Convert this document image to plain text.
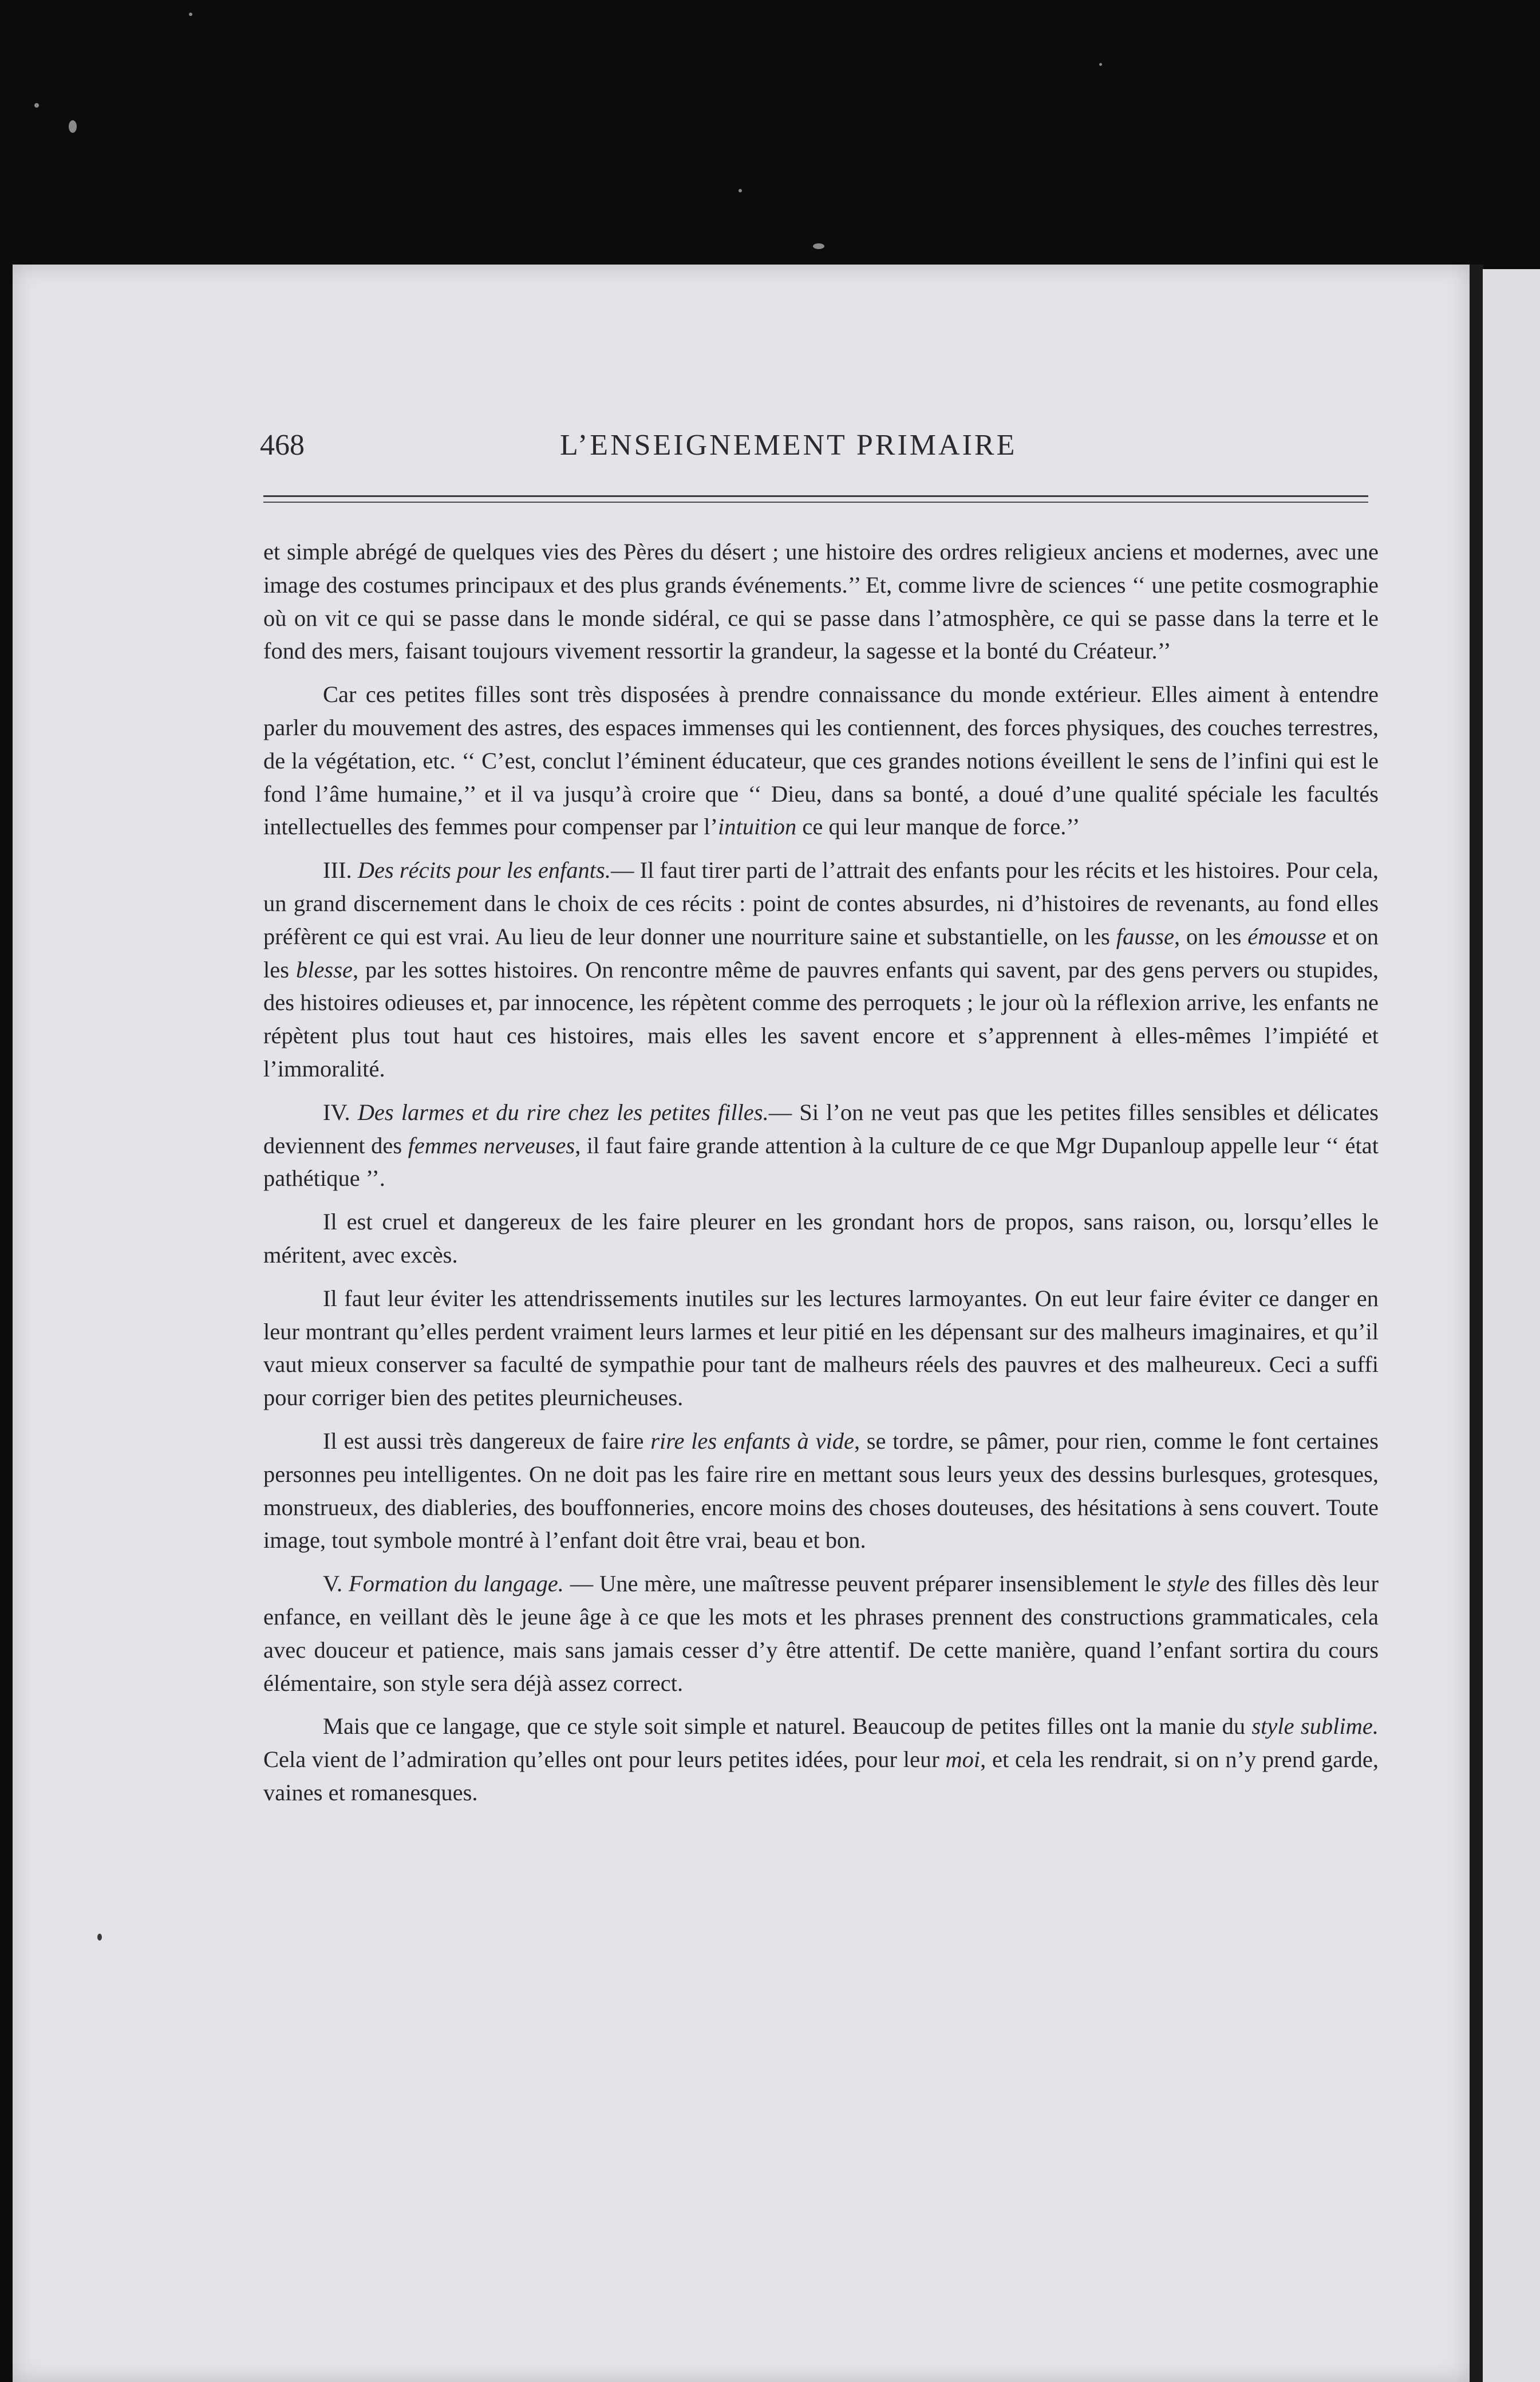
468	L’ENSEIGNEMENT PRIMAIRE

et simple abrégé de quelques vies des Pères du désert ; une histoire des ordres religieux anciens et modernes, avec une image des costumes principaux et des plus grands événements.’’ Et, comme livre de sciences ‘‘ une petite cosmographie où on vit ce qui se passe dans le monde sidéral, ce qui se passe dans l’atmosphère, ce qui se passe dans la terre et le fond des mers, faisant toujours vivement ressortir la grandeur, la sagesse et la bonté du Créateur.’’

Car ces petites filles sont très disposées à prendre connaissance du monde extérieur. Elles aiment à entendre parler du mouvement des astres, des espaces immenses qui les contiennent, des forces physiques, des couches terrestres, de la végétation, etc. ‘‘ C’est, conclut l’éminent éducateur, que ces grandes notions éveillent le sens de l’infini qui est le fond l’âme humaine,’’ et il va jusqu’à croire que ‘‘ Dieu, dans sa bonté, a doué d’une qualité spéciale les facultés intellectuelles des femmes pour compenser par l’intuition ce qui leur manque de force.’’

III. Des récits pour les enfants.— Il faut tirer parti de l’attrait des enfants pour les récits et les histoires. Pour cela, un grand discernement dans le choix de ces récits : point de contes absurdes, ni d’histoires de revenants, au fond elles préfèrent ce qui est vrai. Au lieu de leur donner une nourriture saine et substantielle, on les fausse, on les émousse et on les blesse, par les sottes histoires. On rencontre même de pauvres enfants qui savent, par des gens pervers ou stupides, des histoires odieuses et, par innocence, les répètent comme des perroquets ; le jour où la réflexion arrive, les enfants ne répètent plus tout haut ces histoires, mais elles les savent encore et s’apprennent à elles-mêmes l’impiété et l’immoralité.

IV. Des larmes et du rire chez les petites filles.— Si l’on ne veut pas que les petites filles sensibles et délicates deviennent des femmes nerveuses, il faut faire grande attention à la culture de ce que Mgr Dupanloup appelle leur ‘‘ état pathétique ’’.

Il est cruel et dangereux de les faire pleurer en les grondant hors de propos, sans raison, ou, lorsqu’elles le méritent, avec excès.

Il faut leur éviter les attendrissements inutiles sur les lectures larmoyantes. On eut leur faire éviter ce danger en leur montrant qu’elles perdent vraiment leurs larmes et leur pitié en les dépensant sur des malheurs imaginaires, et qu’il vaut mieux conserver sa faculté de sympathie pour tant de malheurs réels des pauvres et des malheureux. Ceci a suffi pour corriger bien des petites pleurnicheuses.

Il est aussi très dangereux de faire rire les enfants à vide, se tordre, se pâmer, pour rien, comme le font certaines personnes peu intelligentes. On ne doit pas les faire rire en mettant sous leurs yeux des dessins burlesques, grotesques, monstrueux, des diableries, des bouffonneries, encore moins des choses douteuses, des hésitations à sens couvert. Toute image, tout symbole montré à l’enfant doit être vrai, beau et bon.

V. Formation du langage. — Une mère, une maîtresse peuvent préparer insensiblement le style des filles dès leur enfance, en veillant dès le jeune âge à ce que les mots et les phrases prennent des constructions grammaticales, cela avec douceur et patience, mais sans jamais cesser d’y être attentif. De cette manière, quand l’enfant sortira du cours élémentaire, son style sera déjà assez correct.

Mais que ce langage, que ce style soit simple et naturel. Beaucoup de petites filles ont la manie du style sublime. Cela vient de l’admiration qu’elles ont pour leurs petites idées, pour leur moi, et cela les rendrait, si on n’y prend garde, vaines et romanesques.
